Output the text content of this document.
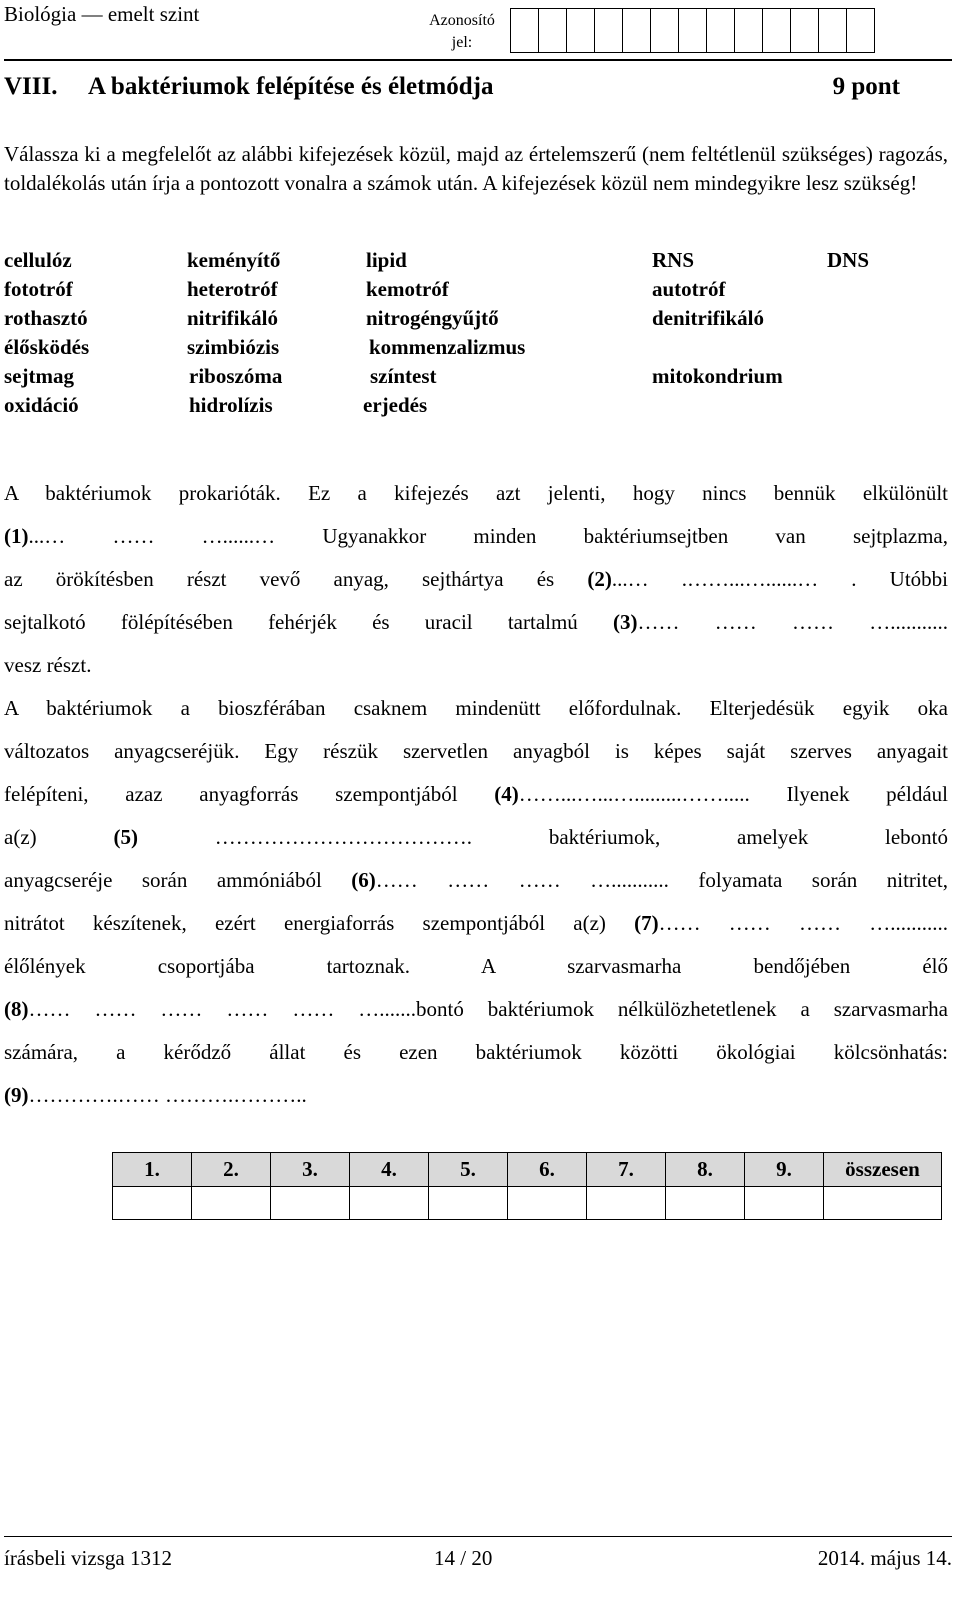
Biológia — emelt szint	Azonosító jel:
VIII. A baktériumok felépítése és életmódja	9 pont
Válassza ki a megfelelőt az alábbi kifejezések közül, majd az értelemszerű (nem feltétlenül szükséges) ragozás, toldalékolás után írja a pontozott vonalra a számok után. A kifejezések közül nem mindegyikre lesz szükség!
cellulóz	keményítő	lipid	RNS	DNS
fototróf	heterotróf	kemotróf	autotróf
rothasztó	nitrifikáló	nitrogéngyűjtő	denitrifikáló
élősködés	szimbiózis	kommenzalizmus
sejtmag	riboszóma	színtest	mitokondrium
oxidáció	hidrolízis	erjedés

A baktériumok prokarióták. Ez a kifejezés azt jelenti, hogy nincs bennük elkülönült

(1)...… …… …......… Ugyanakkor minden baktériumsejtben van sejtplazma,

az örökítésben részt vevő anyag, sejthártya és (2)...… .……...…......… . Utóbbi

sejtalkotó fölépítésében fehérjék és uracil tartalmú (3)…… …… …… …...........

vesz részt.

A baktériumok a bioszférában csaknem mindenütt előfordulnak. Elterjedésük egyik oka

változatos anyagcseréjük. Egy részük szervetlen anyagból is képes saját szerves anyagait

felépíteni, azaz anyagforrás szempontjából (4)……...…...….........……..... Ilyenek például

a(z) (5) ………………………………. baktériumok, amelyek lebontó

anyagcseréje során ammóniából (6)…… …… …… …........... folyamata során nitritet,

nitrátot készítenek, ezért energiaforrás szempontjából a(z) (7)…… …… …… …...........

élőlények csoportjába tartoznak. A szarvasmarha bendőjében élő

(8)…… …… …… …… …… ….......bontó baktériumok nélkülözhetetlenek a szarvasmarha

számára, a kérődző állat és ezen baktériumok közötti ökológiai kölcsönhatás:

(9)………….…… ……….………..

1.	2.	3.	4.	5.	6.	7.	8.	9.	összesen

írásbeli vizsga 1312	14 / 20	2014. május 14.
